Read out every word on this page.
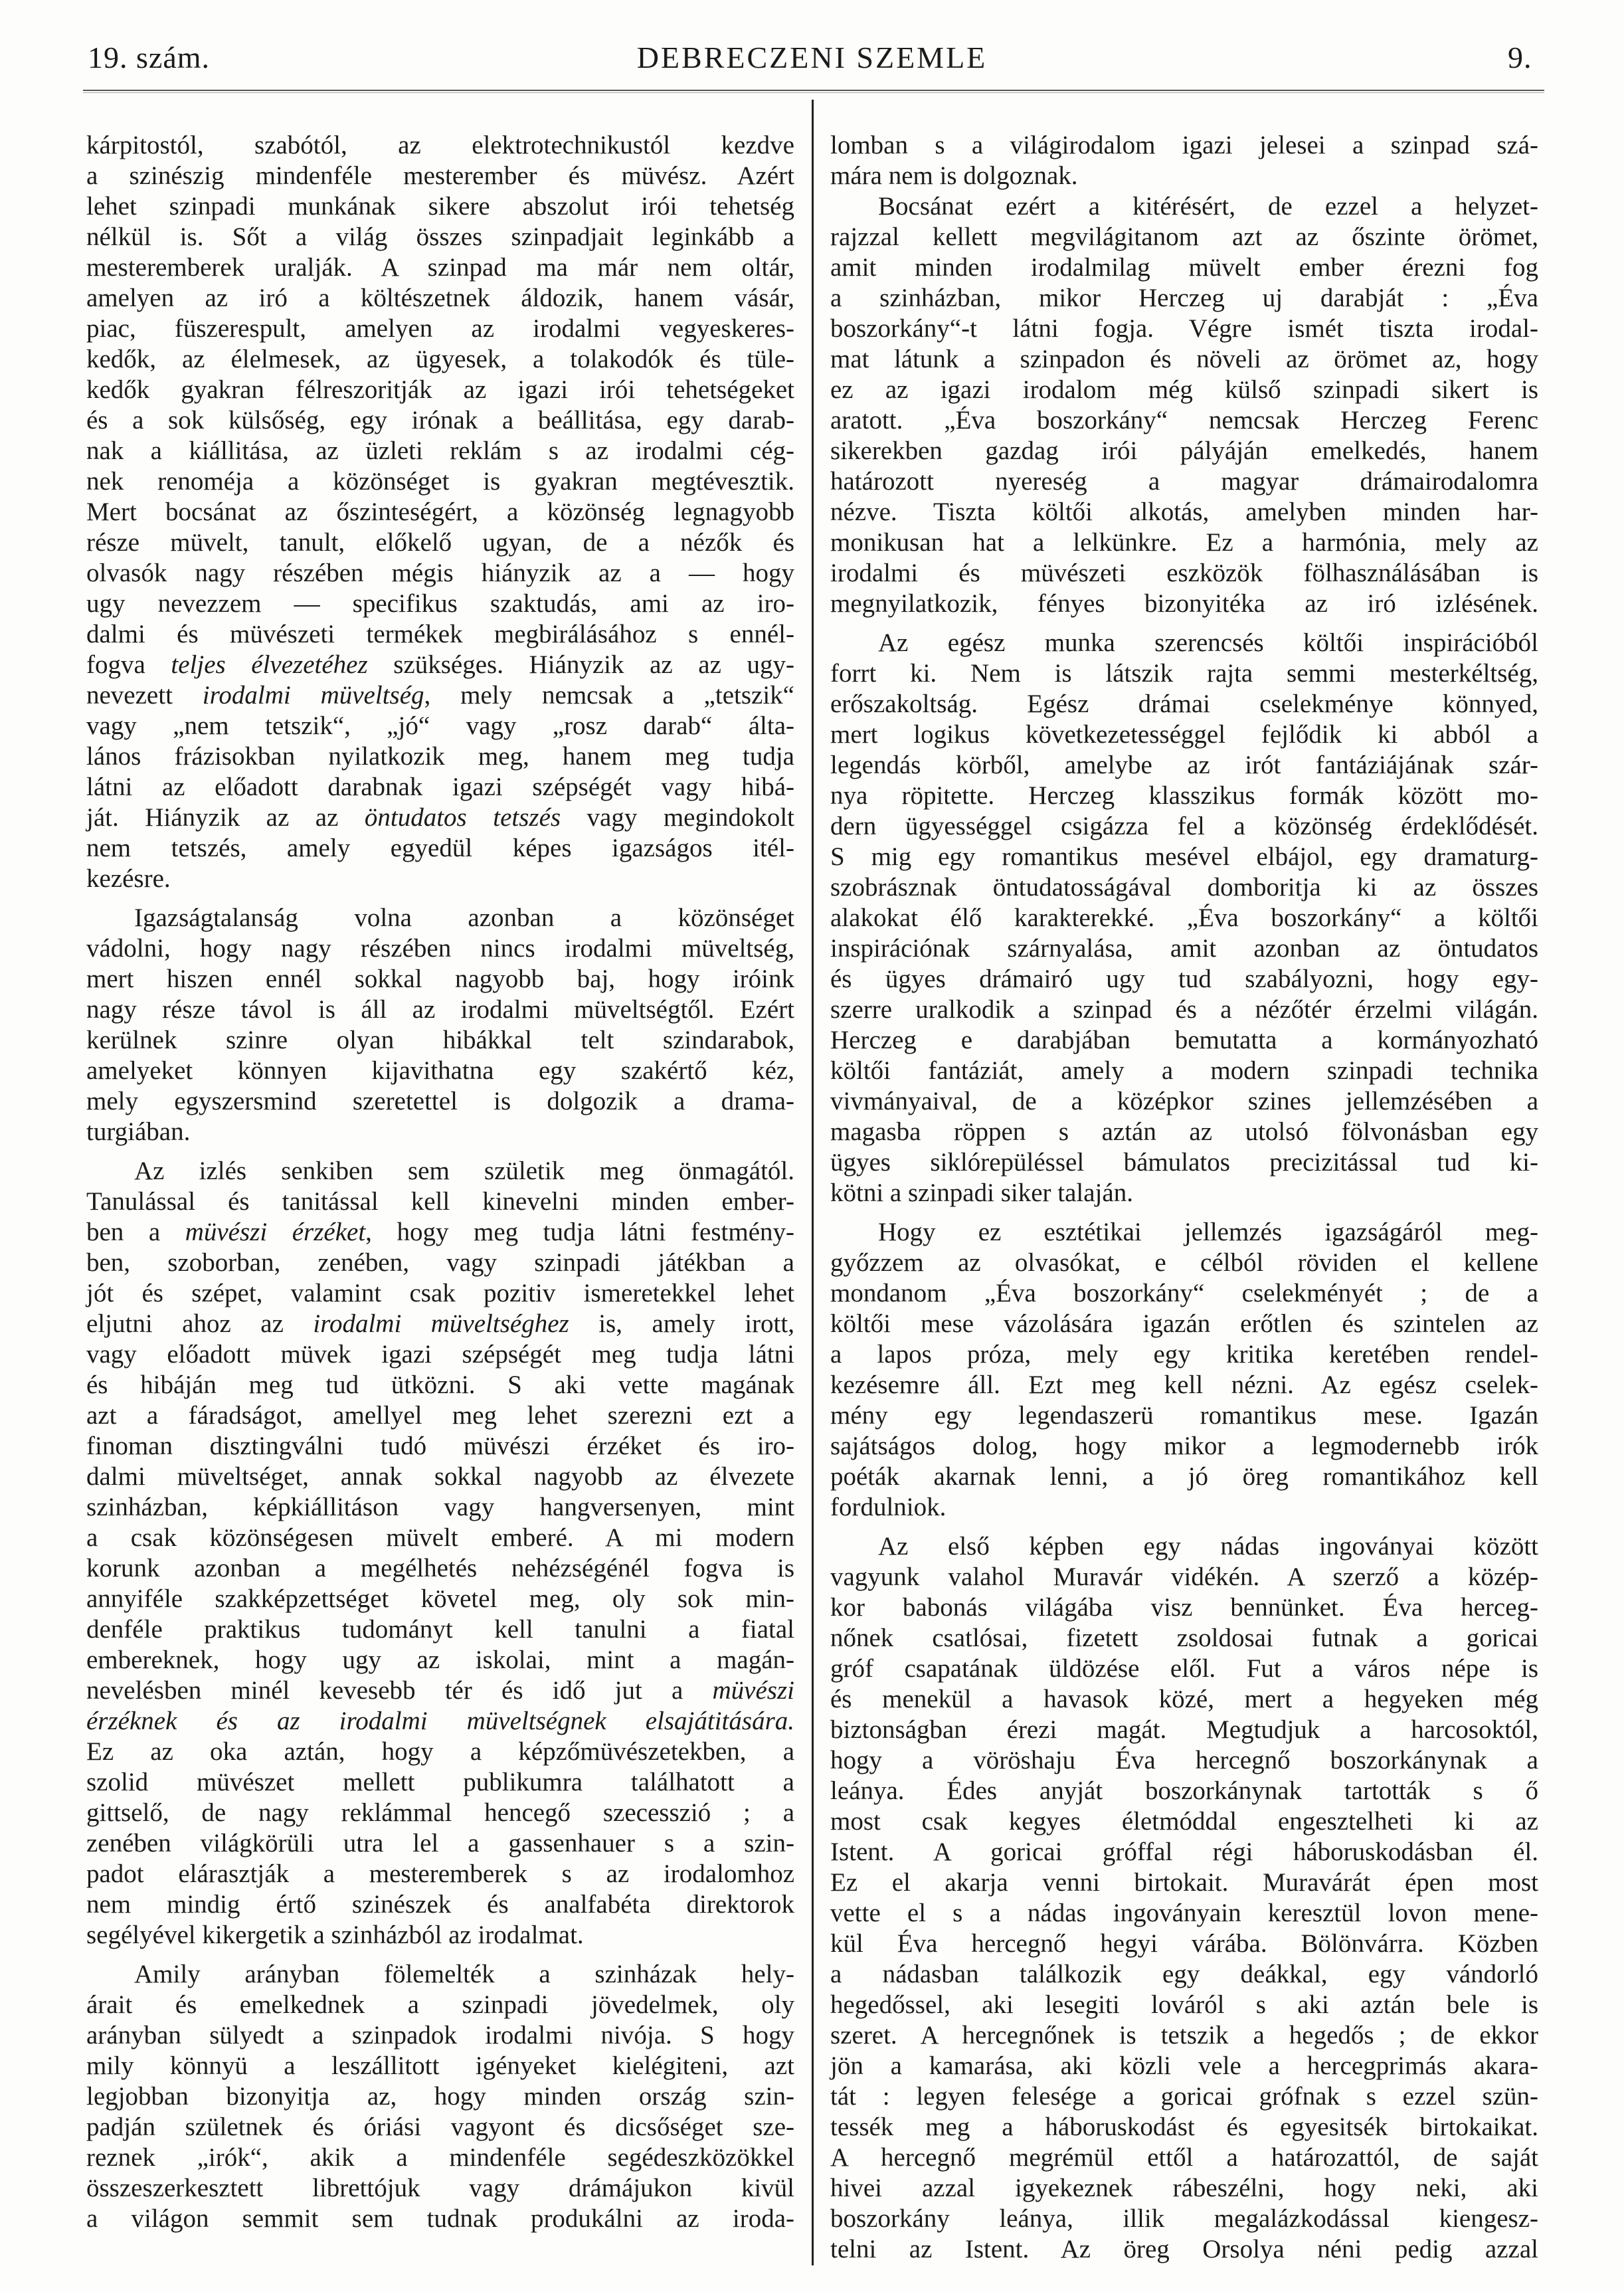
19. szám.	DEBRECZENI SZEMLE	9.
kárpitostól, szabótól, az elektrotechnikustól kezdve
a szinészig mindenféle mesterember és müvész. Azért
lehet szinpadi munkának sikere abszolut irói tehetség
nélkül is. Sőt a világ összes szinpadjait leginkább a
mesteremberek uralják. A szinpad ma már nem oltár,
amelyen az iró a költészetnek áldozik, hanem vásár,
piac, füszerespult, amelyen az irodalmi vegyeskeres-
kedők, az élelmesek, az ügyesek, a tolakodók és tüle-
kedők gyakran félreszoritják az igazi irói tehetségeket
és a sok külsőség, egy irónak a beállitása, egy darab-
nak a kiállitása, az üzleti reklám s az irodalmi cég-
nek renoméja a közönséget is gyakran megtévesztik.
Mert bocsánat az őszinteségért, a közönség legnagyobb
része müvelt, tanult, előkelő ugyan, de a nézők és
olvasók nagy részében mégis hiányzik az a — hogy
ugy nevezzem — specifikus szaktudás, ami az iro-
dalmi és müvészeti termékek megbirálásához s ennél-
fogva teljes élvezetéhez szükséges. Hiányzik az az ugy-
nevezett irodalmi müveltség, mely nemcsak a „tetszik“
vagy „nem tetszik“, „jó“ vagy „rosz darab“ álta-
lános frázisokban nyilatkozik meg, hanem meg tudja
látni az előadott darabnak igazi szépségét vagy hibá-
ját. Hiányzik az az öntudatos tetszés vagy megindokolt
nem tetszés, amely egyedül képes igazságos itél-
kezésre.
Igazságtalanság volna azonban a közönséget
vádolni, hogy nagy részében nincs irodalmi müveltség,
mert hiszen ennél sokkal nagyobb baj, hogy iróink
nagy része távol is áll az irodalmi müveltségtől. Ezért
kerülnek szinre olyan hibákkal telt szindarabok,
amelyeket könnyen kijavithatna egy szakértő kéz,
mely egyszersmind szeretettel is dolgozik a drama-
turgiában.
Az izlés senkiben sem születik meg önmagától.
Tanulással és tanitással kell kinevelni minden ember-
ben a müvészi érzéket, hogy meg tudja látni festmény-
ben, szoborban, zenében, vagy szinpadi játékban a
jót és szépet, valamint csak pozitiv ismeretekkel lehet
eljutni ahoz az irodalmi müveltséghez is, amely irott,
vagy előadott müvek igazi szépségét meg tudja látni
és hibáján meg tud ütközni. S aki vette magának
azt a fáradságot, amellyel meg lehet szerezni ezt a
finoman disztingválni tudó müvészi érzéket és iro-
dalmi müveltséget, annak sokkal nagyobb az élvezete
szinházban, képkiállitáson vagy hangversenyen, mint
a csak közönségesen müvelt emberé. A mi modern
korunk azonban a megélhetés nehézségénél fogva is
annyiféle szakképzettséget követel meg, oly sok min-
denféle praktikus tudományt kell tanulni a fiatal
embereknek, hogy ugy az iskolai, mint a magán-
nevelésben minél kevesebb tér és idő jut a müvészi
érzéknek és az irodalmi müveltségnek elsajátitására.
Ez az oka aztán, hogy a képzőmüvészetekben, a
szolid müvészet mellett publikumra találhatott a
gittselő, de nagy reklámmal hencegő szecesszió ; a
zenében világkörüli utra lel a gassenhauer s a szin-
padot elárasztják a mesteremberek s az irodalomhoz
nem mindig értő szinészek és analfabéta direktorok
segélyével kikergetik a szinházból az irodalmat.
Amily arányban fölemelték a szinházak hely-
árait és emelkednek a szinpadi jövedelmek, oly
arányban sülyedt a szinpadok irodalmi nivója. S hogy
mily könnyü a leszállitott igényeket kielégiteni, azt
legjobban bizonyitja az, hogy minden ország szin-
padján születnek és óriási vagyont és dicsőséget sze-
reznek „irók“, akik a mindenféle segédeszközökkel
összeszerkesztett librettójuk vagy drámájukon kivül
a világon semmit sem tudnak produkálni az iroda-
lomban s a világirodalom igazi jelesei a szinpad szá-
mára nem is dolgoznak.
Bocsánat ezért a kitérésért, de ezzel a helyzet-
rajzzal kellett megvilágitanom azt az őszinte örömet,
amit minden irodalmilag müvelt ember érezni fog
a szinházban, mikor Herczeg uj darabját : „Éva
boszorkány“-t látni fogja. Végre ismét tiszta irodal-
mat látunk a szinpadon és növeli az örömet az, hogy
ez az igazi irodalom még külső szinpadi sikert is
aratott. „Éva boszorkány“ nemcsak Herczeg Ferenc
sikerekben gazdag irói pályáján emelkedés, hanem
határozott nyereség a magyar drámairodalomra
nézve. Tiszta költői alkotás, amelyben minden har-
monikusan hat a lelkünkre. Ez a harmónia, mely az
irodalmi és müvészeti eszközök fölhasználásában is
megnyilatkozik, fényes bizonyitéka az iró izlésének.
Az egész munka szerencsés költői inspirációból
forrt ki. Nem is látszik rajta semmi mesterkéltség,
erőszakoltság. Egész drámai cselekménye könnyed,
mert logikus következetességgel fejlődik ki abból a
legendás körből, amelybe az irót fantáziájának szár-
nya röpitette. Herczeg klasszikus formák között mo-
dern ügyességgel csigázza fel a közönség érdeklődését.
S mig egy romantikus mesével elbájol, egy dramaturg-
szobrásznak öntudatosságával domboritja ki az összes
alakokat élő karakterekké. „Éva boszorkány“ a költői
inspirációnak szárnyalása, amit azonban az öntudatos
és ügyes drámairó ugy tud szabályozni, hogy egy-
szerre uralkodik a szinpad és a nézőtér érzelmi világán.
Herczeg e darabjában bemutatta a kormányozható
költői fantáziát, amely a modern szinpadi technika
vivmányaival, de a középkor szines jellemzésében a
magasba röppen s aztán az utolsó fölvonásban egy
ügyes siklórepüléssel bámulatos precizitással tud ki-
kötni a szinpadi siker talaján.
Hogy ez esztétikai jellemzés igazságáról meg-
győzzem az olvasókat, e célból röviden el kellene
mondanom „Éva boszorkány“ cselekményét ; de a
költői mese vázolására igazán erőtlen és szintelen az
a lapos próza, mely egy kritika keretében rendel-
kezésemre áll. Ezt meg kell nézni. Az egész cselek-
mény egy legendaszerü romantikus mese. Igazán
sajátságos dolog, hogy mikor a legmodernebb irók
poéták akarnak lenni, a jó öreg romantikához kell
fordulniok.
Az első képben egy nádas ingoványai között
vagyunk valahol Muravár vidékén. A szerző a közép-
kor babonás világába visz bennünket. Éva herceg-
nőnek csatlósai, fizetett zsoldosai futnak a goricai
gróf csapatának üldözése elől. Fut a város népe is
és menekül a havasok közé, mert a hegyeken még
biztonságban érezi magát. Megtudjuk a harcosoktól,
hogy a vöröshaju Éva hercegnő boszorkánynak a
leánya. Édes anyját boszorkánynak tartották s ő
most csak kegyes életmóddal engesztelheti ki az
Istent. A goricai gróffal régi háboruskodásban él.
Ez el akarja venni birtokait. Muravárát épen most
vette el s a nádas ingoványain keresztül lovon mene-
kül Éva hercegnő hegyi várába. Bölönvárra. Közben
a nádasban találkozik egy deákkal, egy vándorló
hegedőssel, aki lesegiti lováról s aki aztán bele is
szeret. A hercegnőnek is tetszik a hegedős ; de ekkor
jön a kamarása, aki közli vele a hercegprimás akara-
tát : legyen felesége a goricai grófnak s ezzel szün-
tessék meg a háboruskodást és egyesitsék birtokaikat.
A hercegnő megrémül ettől a határozattól, de saját
hivei azzal igyekeznek rábeszélni, hogy neki, aki
boszorkány leánya, illik megalázkodással kiengesz-
telni az Istent. Az öreg Orsolya néni pedig azzal
